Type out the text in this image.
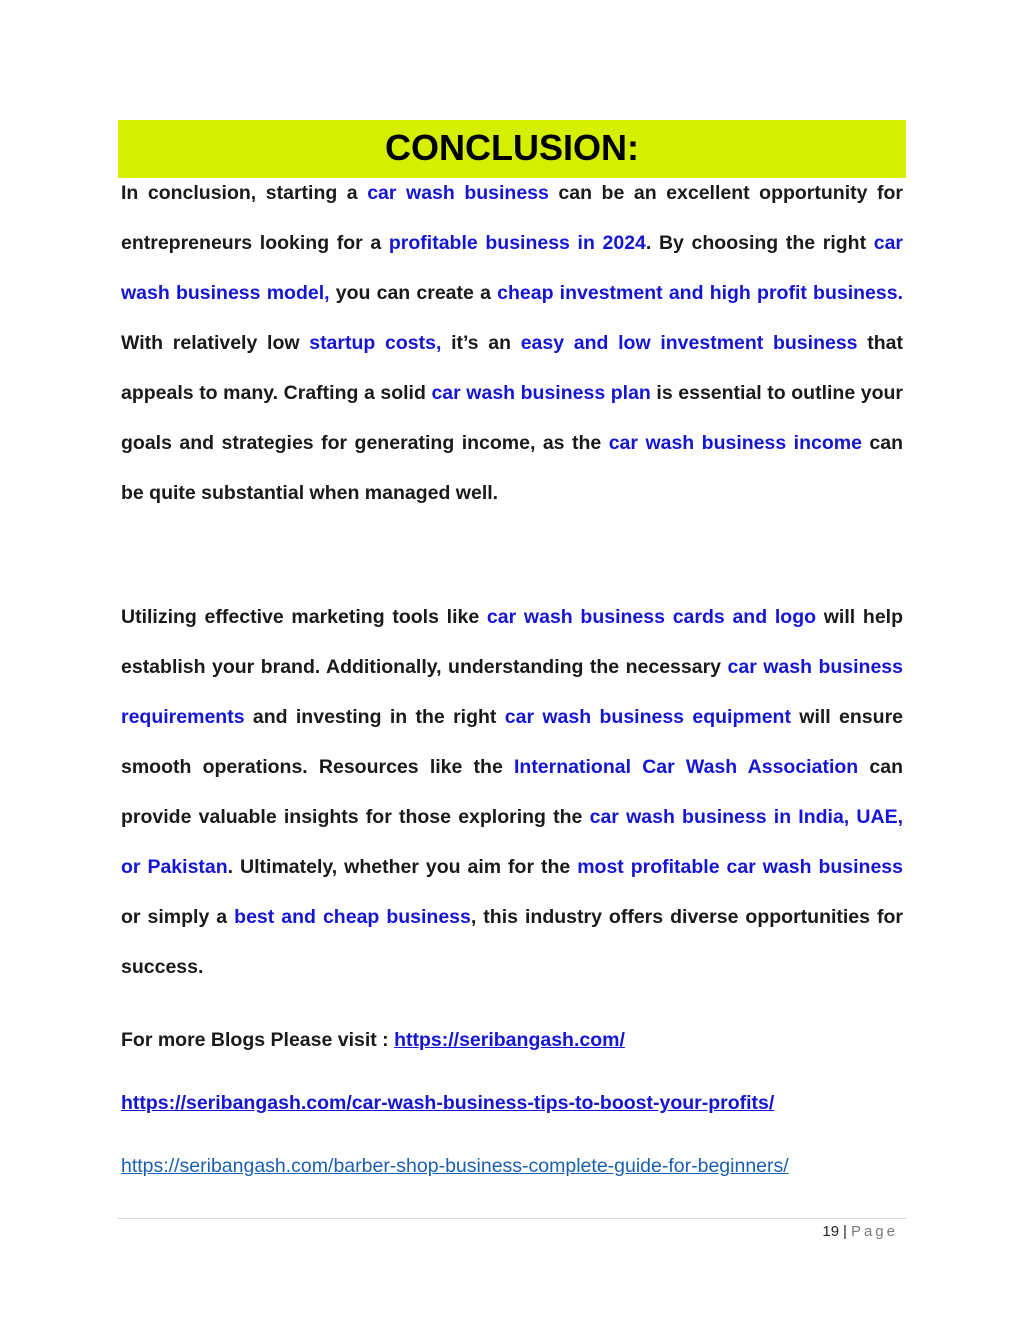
CONCLUSION:

In conclusion, starting a car wash business can be an excellent opportunity for entrepreneurs looking for a profitable business in 2024. By choosing the right car wash business model, you can create a cheap investment and high profit business. With relatively low startup costs, it’s an easy and low investment business that appeals to many. Crafting a solid car wash business plan is essential to outline your goals and strategies for generating income, as the car wash business income can be quite substantial when managed well.

Utilizing effective marketing tools like car wash business cards and logo will help establish your brand. Additionally, understanding the necessary car wash business requirements and investing in the right car wash business equipment will ensure smooth operations. Resources like the International Car Wash Association can provide valuable insights for those exploring the car wash business in India, UAE, or Pakistan. Ultimately, whether you aim for the most profitable car wash business or simply a best and cheap business, this industry offers diverse opportunities for success.

For more Blogs Please visit : https://seribangash.com/

https://seribangash.com/car-wash-business-tips-to-boost-your-profits/
https://seribangash.com/barber-shop-business-complete-guide-for-beginners/
19 | Page
